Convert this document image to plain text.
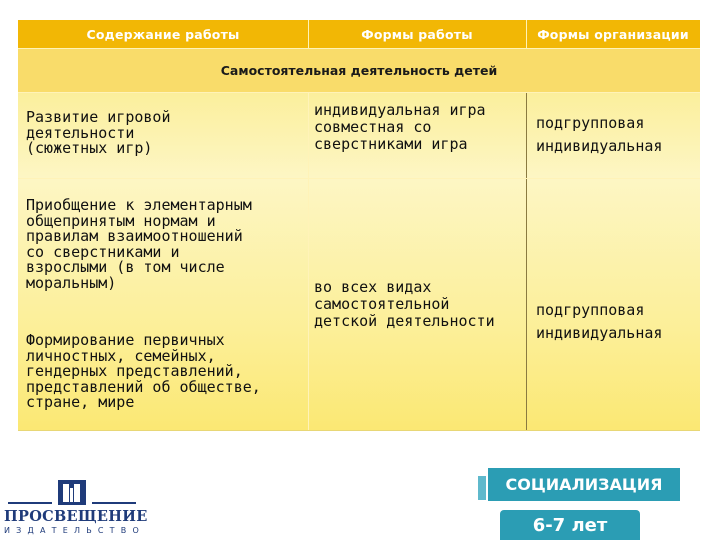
Содержание работы	Формы работы	Формы организации
Самостоятельная деятельность детей
Развитие игровой
деятельности
(сюжетных игр)
индивидуальная игра
совместная со
сверстниками игра
подгрупповая
индивидуальная
Приобщение к элементарным
общепринятым нормам и
правилам взаимоотношений
со сверстниками и
взрослыми (в том числе
моральным)
Формирование первичных
личностных, семейных,
гендерных представлений,
представлений об обществе,
стране, мире
во всех видах
самостоятельной
детской деятельности
подгрупповая
индивидуальная
ПРОСВЕЩЕНИЕ
ИЗДАТЕЛЬСТВО
СОЦИАЛИЗАЦИЯ
6-7 лет
